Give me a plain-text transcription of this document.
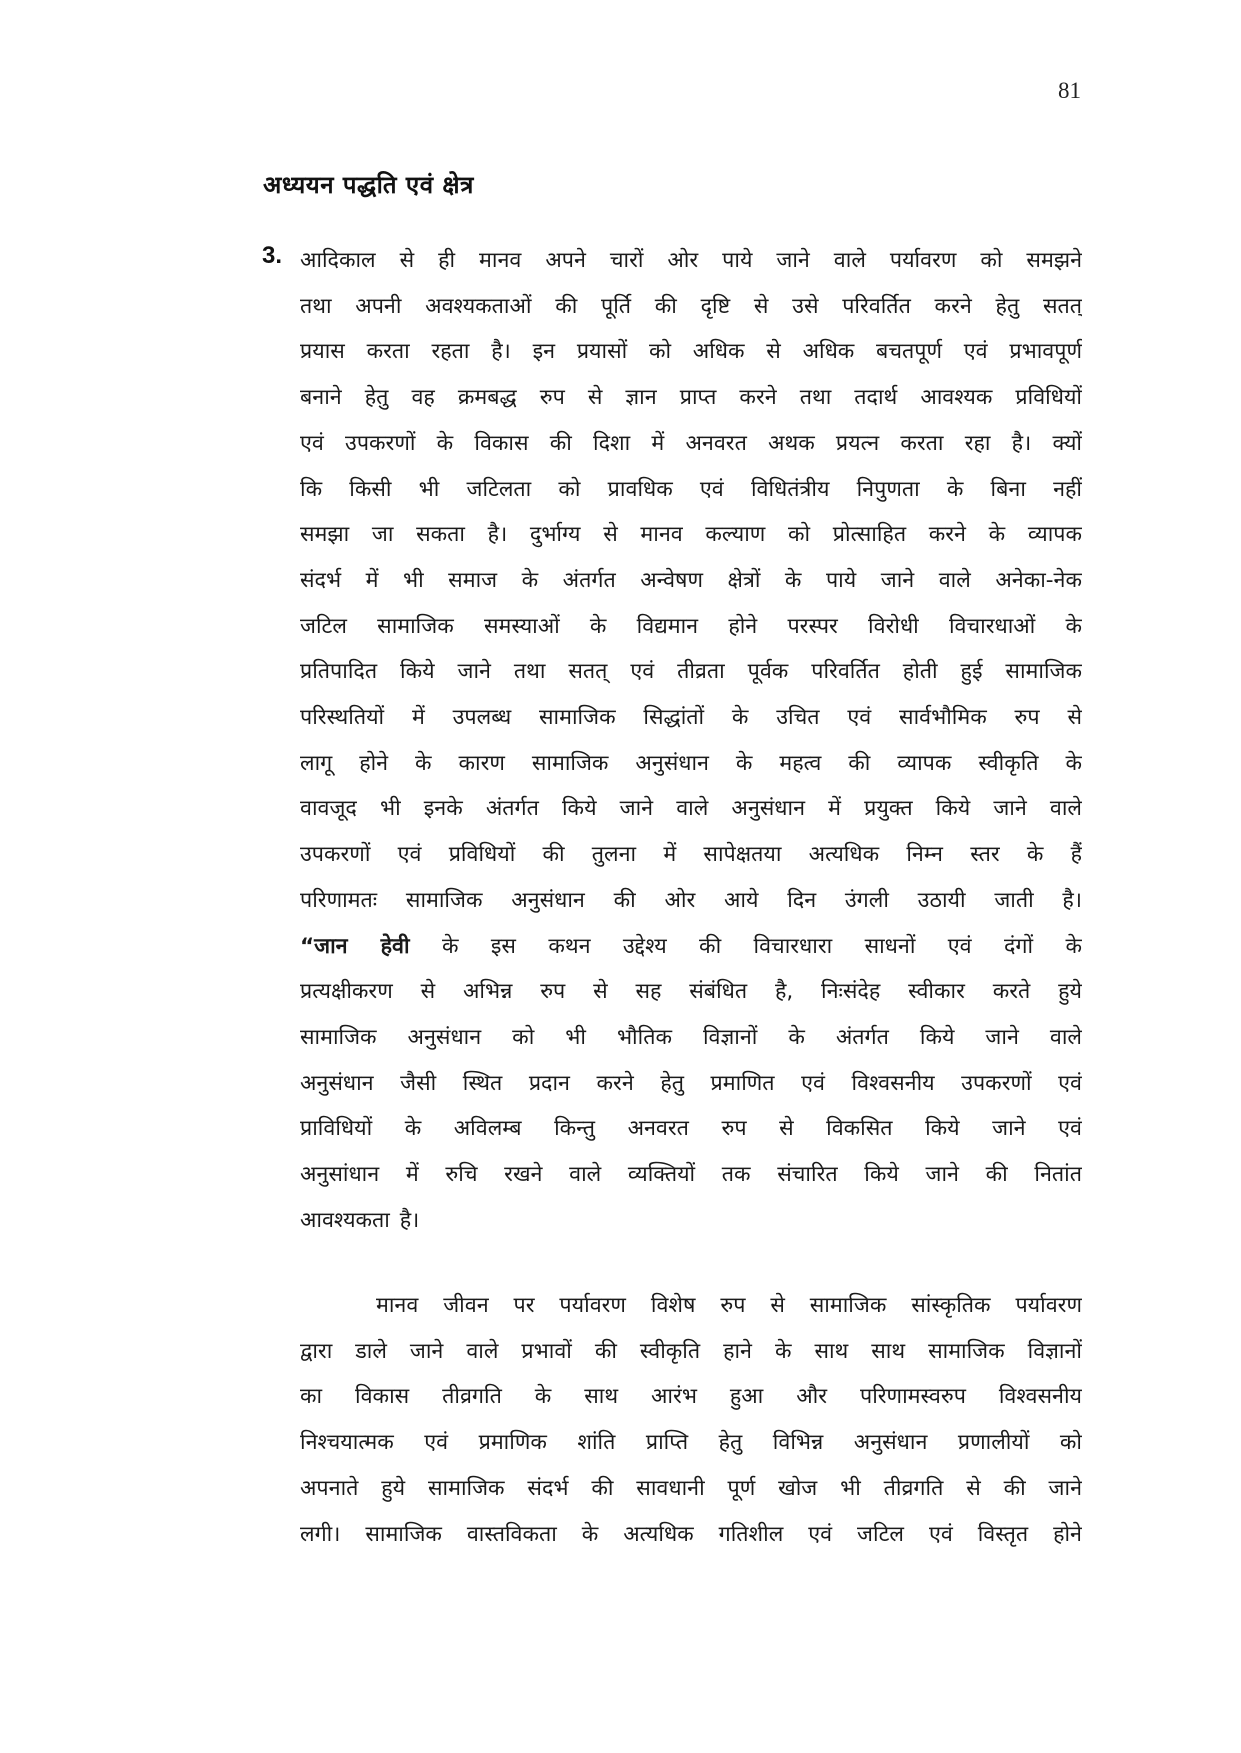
81
अध्ययन पद्धति एवं क्षेत्र
3. आदिकाल से ही मानव अपने चारों ओर पाये जाने वाले पर्यावरण को समझने
तथा अपनी अवश्यकताओं की पूर्ति की दृष्टि से उसे परिवर्तित करने हेतु सतत्
प्रयास करता रहता है। इन प्रयासों को अधिक से अधिक बचतपूर्ण एवं प्रभावपूर्ण
बनाने हेतु वह क्रमबद्ध रुप से ज्ञान प्राप्त करने तथा तदार्थ आवश्यक प्रविधियों
एवं उपकरणों के विकास की दिशा में अनवरत अथक प्रयत्न करता रहा है। क्यों
कि किसी भी जटिलता को प्रावधिक एवं विधितंत्रीय निपुणता के बिना नहीं
समझा जा सकता है। दुर्भाग्य से मानव कल्याण को प्रोत्साहित करने के व्यापक
संदर्भ में भी समाज के अंतर्गत अन्वेषण क्षेत्रों के पाये जाने वाले अनेका-नेक
जटिल सामाजिक समस्याओं के विद्यमान होने परस्पर विरोधी विचारधाओं के
प्रतिपादित किये जाने तथा सतत् एवं तीव्रता पूर्वक परिवर्तित होती हुई सामाजिक
परिस्थतियों में उपलब्ध सामाजिक सिद्धांतों के उचित एवं सार्वभौमिक रुप से
लागू होने के कारण सामाजिक अनुसंधान के महत्व की व्यापक स्वीकृति के
वावजूद भी इनके अंतर्गत किये जाने वाले अनुसंधान में प्रयुक्त किये जाने वाले
उपकरणों एवं प्रविधियों की तुलना में सापेक्षतया अत्यधिक निम्न स्तर के हैं
परिणामतः सामाजिक अनुसंधान की ओर आये दिन उंगली उठायी जाती है।
“जान हेवी के इस कथन उद्देश्य की विचारधारा साधनों एवं दंगों के
प्रत्यक्षीकरण से अभिन्न रुप से सह संबंधित है, निःसंदेह स्वीकार करते हुये
सामाजिक अनुसंधान को भी भौतिक विज्ञानों के अंतर्गत किये जाने वाले
अनुसंधान जैसी स्थित प्रदान करने हेतु प्रमाणित एवं विश्वसनीय उपकरणों एवं
प्राविधियों के अविलम्ब किन्तु अनवरत रुप से विकसित किये जाने एवं
अनुसांधान में रुचि रखने वाले व्यक्तियों तक संचारित किये जाने की नितांत
आवश्यकता है।
मानव जीवन पर पर्यावरण विशेष रुप से सामाजिक सांस्कृतिक पर्यावरण
द्वारा डाले जाने वाले प्रभावों की स्वीकृति हाने के साथ साथ सामाजिक विज्ञानों
का विकास तीव्रगति के साथ आरंभ हुआ और परिणामस्वरुप विश्वसनीय
निश्चयात्मक एवं प्रमाणिक शांति प्राप्ति हेतु विभिन्न अनुसंधान प्रणालीयों को
अपनाते हुये सामाजिक संदर्भ की सावधानी पूर्ण खोज भी तीव्रगति से की जाने
लगी। सामाजिक वास्तविकता के अत्यधिक गतिशील एवं जटिल एवं विस्तृत होने
